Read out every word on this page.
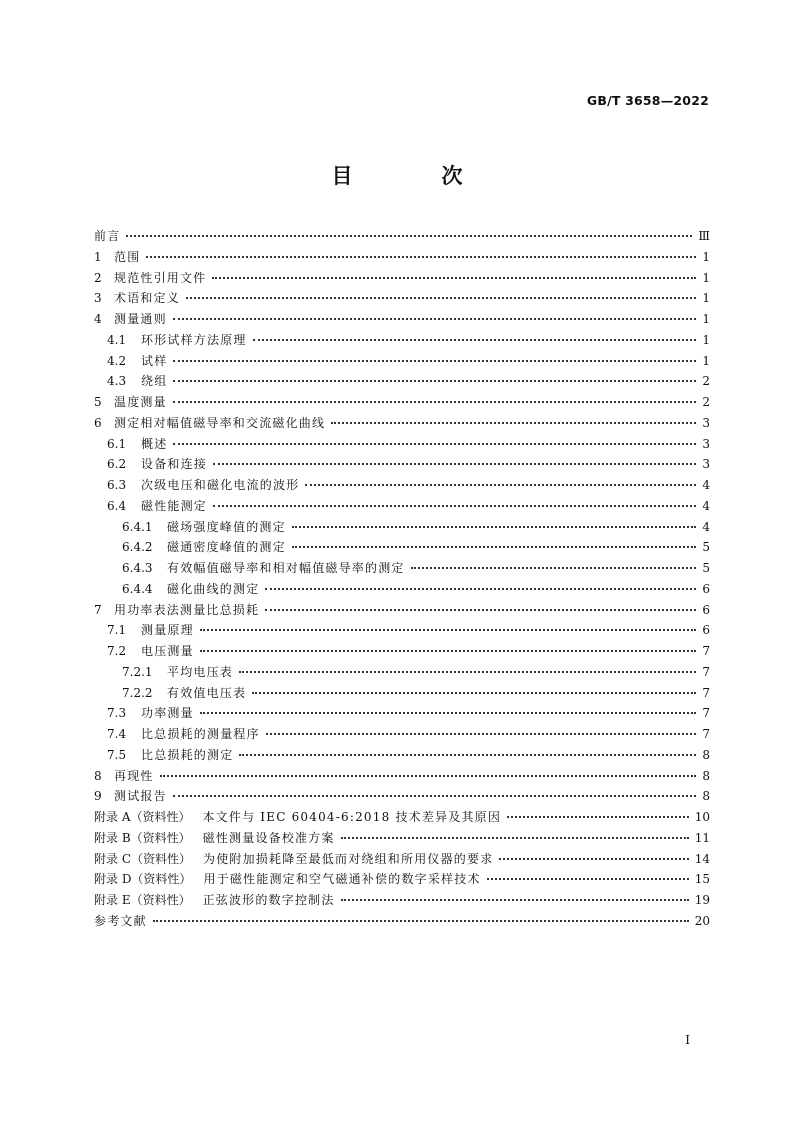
GB/T 3658—2022
目　次
前言	Ⅲ
1	范围	1
2	规范性引用文件	1
3	术语和定义	1
4	测量通则	1
4.1	环形试样方法原理	1
4.2	试样	1
4.3	绕组	2
5	温度测量	2
6	测定相对幅值磁导率和交流磁化曲线	3
6.1	概述	3
6.2	设备和连接	3
6.3	次级电压和磁化电流的波形	4
6.4	磁性能测定	4
6.4.1	磁场强度峰值的测定	4
6.4.2	磁通密度峰值的测定	5
6.4.3	有效幅值磁导率和相对幅值磁导率的测定	5
6.4.4	磁化曲线的测定	6
7	用功率表法测量比总损耗	6
7.1	测量原理	6
7.2	电压测量	7
7.2.1	平均电压表	7
7.2.2	有效值电压表	7
7.3	功率测量	7
7.4	比总损耗的测量程序	7
7.5	比总损耗的测定	8
8	再现性	8
9	测试报告	8
附录 A（资料性） 本文件与 IEC 60404-6:2018 技术差异及其原因	10
附录 B（资料性） 磁性测量设备校准方案	11
附录 C（资料性） 为使附加损耗降至最低而对绕组和所用仪器的要求	14
附录 D（资料性） 用于磁性能测定和空气磁通补偿的数字采样技术	15
附录 E（资料性） 正弦波形的数字控制法	19
参考文献	20
I
